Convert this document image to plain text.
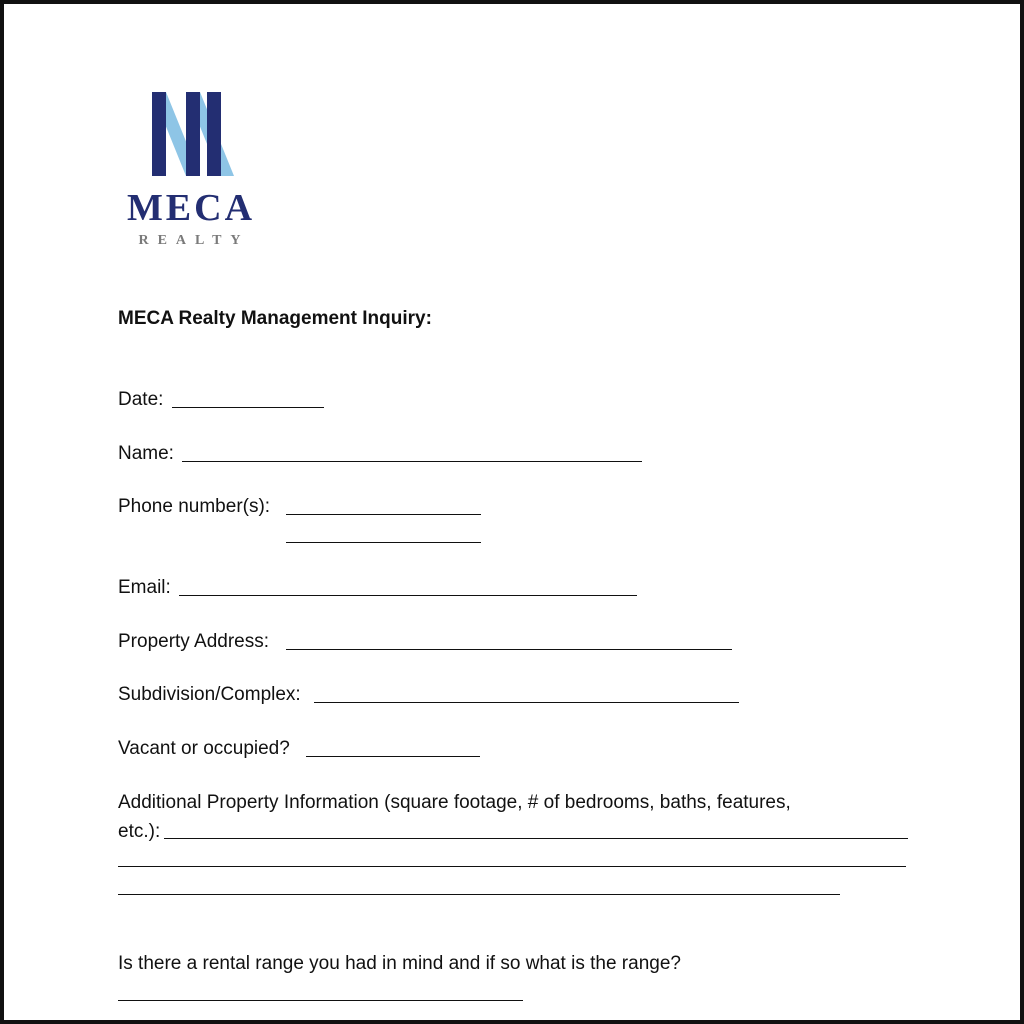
MECA
REALTY
MECA Realty Management Inquiry:
Date:
Name:
Phone number(s):
Email:
Property Address:
Subdivision/Complex:
Vacant or occupied?
Additional Property Information (square footage, # of bedrooms, baths, features,
etc.):
Is there a rental range you had in mind and if so what is the range?
